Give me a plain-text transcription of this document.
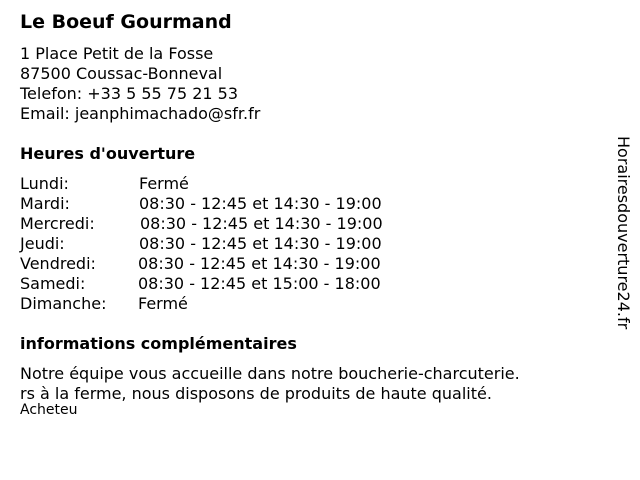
Le Boeuf Gourmand
1 Place Petit de la Fosse
87500 Coussac-Bonneval
Telefon: +33 5 55 75 21 53
Email: jeanphimachado@sfr.fr
Heures d'ouverture
Lundi:	Fermé
Mardi:	08:30 - 12:45 et 14:30 - 19:00
Mercredi:	08:30 - 12:45 et 14:30 - 19:00
Jeudi:	08:30 - 12:45 et 14:30 - 19:00
Vendredi:	08:30 - 12:45 et 14:30 - 19:00
Samedi:	08:30 - 12:45 et 15:00 - 18:00
Dimanche: Fermé
informations complémentaires
Notre équipe vous accueille dans notre boucherie-charcuterie.
rs à la ferme, nous disposons de produits de haute qualité.
Acheteu
Horairesdouverture24.fr
